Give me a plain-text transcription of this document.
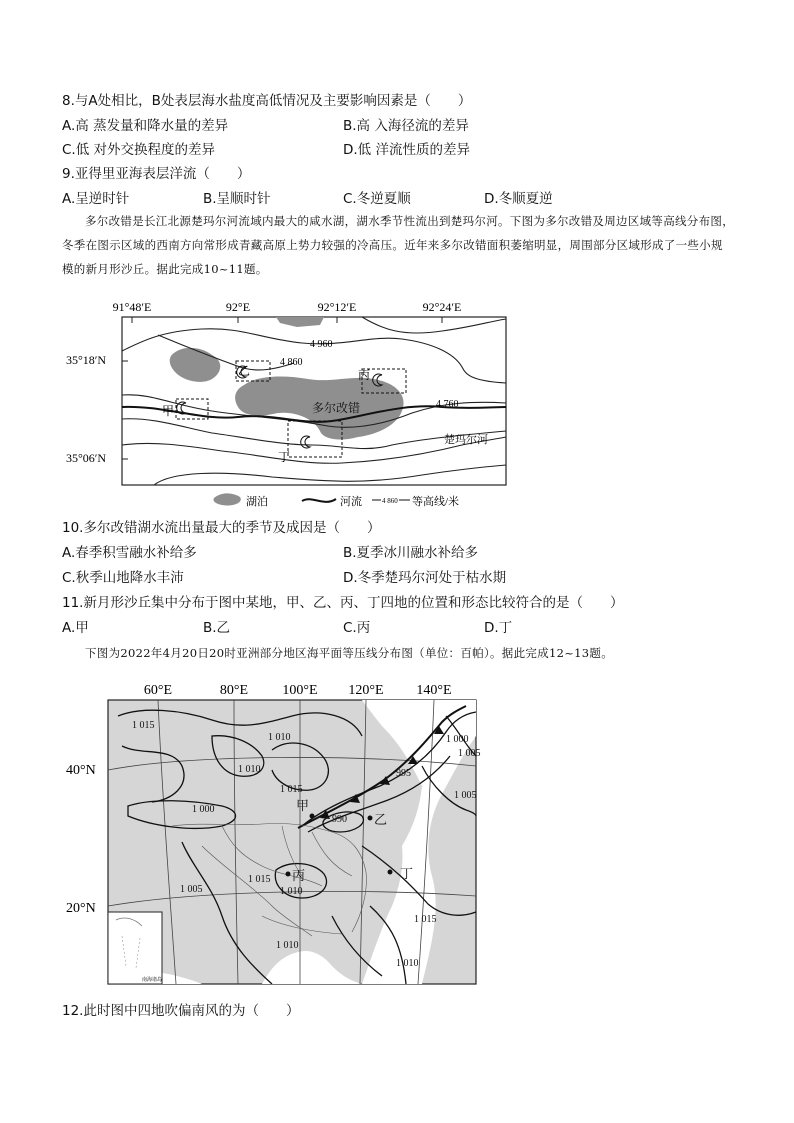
8.与A处相比，B处表层海水盐度高低情况及主要影响因素是（　　）
A.高 蒸发量和降水量的差异	B.高 入海径流的差异
C.低 对外交换程度的差异	D.低 洋流性质的差异
9.亚得里亚海表层洋流（　　）
A.呈逆时针	B.呈顺时针	C.冬逆夏顺	D.冬顺夏逆
多尔改错是长江北源楚玛尔河流域内最大的咸水湖，湖水季节性流出到楚玛尔河。下图为多尔改错及周边区域等高线分布图，冬季在图示区域的西南方向常形成青藏高原上势力较强的冷高压。近年来多尔改错面积萎缩明显，周围部分区域形成了一些小规模的新月形沙丘。据此完成10~11题。
91°48′E	92°E	92°12′E	92°24′E
35°18′N
35°06′N
多尔改错
楚玛尔河
4 960
4 860
4 760
甲
乙	丙
丁
湖泊	河流	4 860 等高线/米
10.多尔改错湖水流出量最大的季节及成因是（　　）
A.春季积雪融水补给多	B.夏季冰川融水补给多
C.秋季山地降水丰沛	D.冬季楚玛尔河处于枯水期
11.新月形沙丘集中分布于图中某地，甲、乙、丙、丁四地的位置和形态比较符合的是（　　）
A.甲	B.乙	C.丙	D.丁
下图为2022年4月20日20时亚洲部分地区海平面等压线分布图（单位：百帕）。据此完成12~13题。
60°E	80°E 100°E 120°E 140°E
40°N
20°N
1 015
1 010
1 010
1 015
1 000
995
990
1 000
1 005
1 005
1 015
1 010
1 005
1 015
1 010
1 010
甲
乙
丙	丁
南海诸岛
12.此时图中四地吹偏南风的为（　　）
